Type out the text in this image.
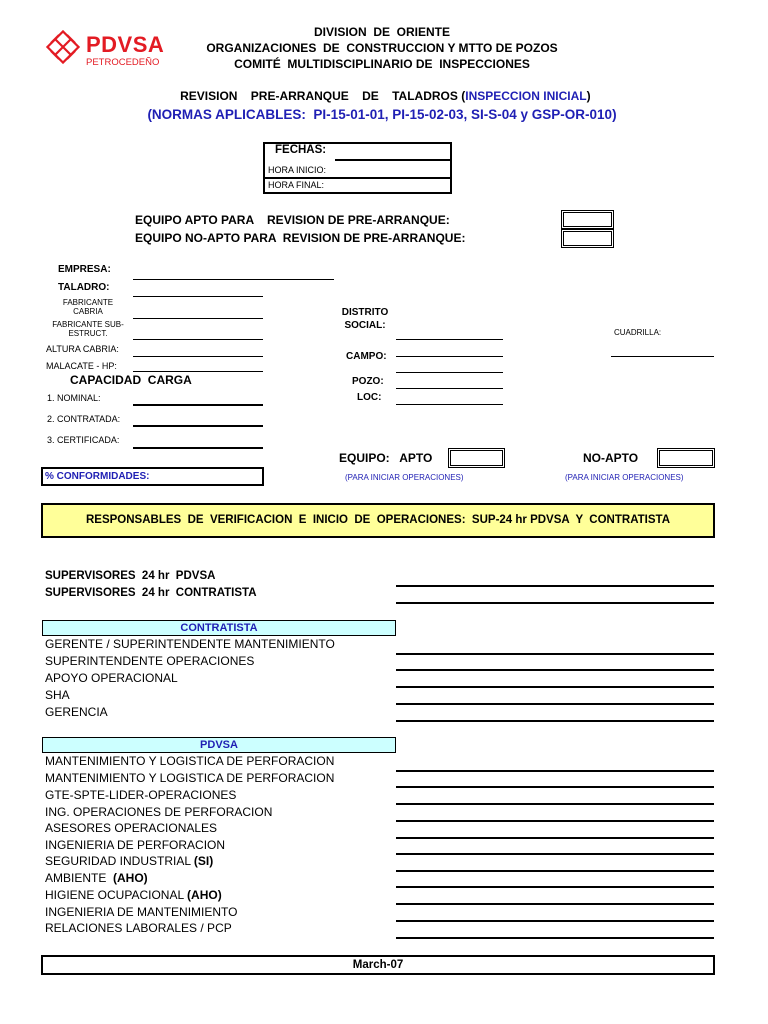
PDVSA
PETROCEDEÑO
DIVISION  DE  ORIENTE
ORGANIZACIONES  DE  CONSTRUCCION Y MTTO DE POZOS
COMITÉ  MULTIDISCIPLINARIO DE  INSPECCIONES

REVISION    PRE-ARRANQUE    DE    TALADROS (INSPECCION INICIAL)

(NORMAS APLICABLES:  PI-15-01-01, PI-15-02-03, SI-S-04 y GSP-OR-010)
FECHAS:
HORA INICIO:
HORA FINAL:
EQUIPO APTO PARA    REVISION DE PRE-ARRANQUE:
EQUIPO NO-APTO PARA  REVISION DE PRE-ARRANQUE:
EMPRESA:
TALADRO:
FABRICANTE CABRIA
FABRICANTE SUB-ESTRUCT.
ALTURA CABRIA:
MALACATE - HP:
CAPACIDAD  CARGA
1. NOMINAL:
2. CONTRATADA:
3. CERTIFICADA:
% CONFORMIDADES:
DISTRITO SOCIAL:
CAMPO:
POZO:
LOC:
EQUIPO:   APTO
(PARA INICIAR OPERACIONES)
CUADRILLA:
NO-APTO
(PARA INICIAR OPERACIONES)
RESPONSABLES  DE  VERIFICACION  E  INICIO  DE  OPERACIONES:  SUP-24 hr PDVSA  Y  CONTRATISTA
SUPERVISORES  24 hr  PDVSA
SUPERVISORES  24 hr  CONTRATISTA
CONTRATISTA
GERENTE / SUPERINTENDENTE MANTENIMIENTO
SUPERINTENDENTE OPERACIONES
APOYO OPERACIONAL
SHA
GERENCIA
PDVSA
MANTENIMIENTO Y LOGISTICA DE PERFORACION
MANTENIMIENTO Y LOGISTICA DE PERFORACION
GTE-SPTE-LIDER-OPERACIONES
ING. OPERACIONES DE PERFORACION
ASESORES OPERACIONALES
INGENIERIA DE PERFORACION
SEGURIDAD INDUSTRIAL (SI)
AMBIENTE (AHO)
HIGIENE OCUPACIONAL (AHO)
INGENIERIA DE MANTENIMIENTO
RELACIONES LABORALES / PCP
March-07
